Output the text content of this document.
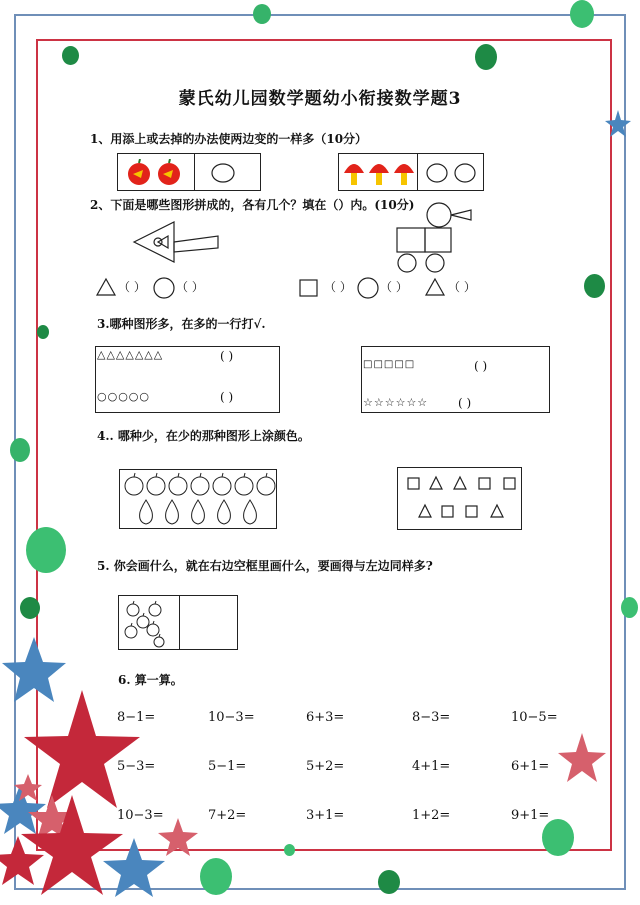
蒙氏幼儿园数学题幼小衔接数学题3
1、用添上或去掉的办法使两边变的一样多（10分）
2、下面是哪些图形拼成的，各有几个？填在（）内。(10分)
（ ）	（ ）	（ ） （ ）	（ ）
3.哪种图形多，在多的一行打√.
△△△△△△△	( )
○○○○○	( )
□□□□□	( )
☆☆☆☆☆☆ ( )
4.. 哪种少，在少的那种图形上涂颜色。
5. 你会画什么，就在右边空框里画什么，要画得与左边同样多?
6. 算一算。
8−1=	10−3=	6+3=	8−3=	10−5=
5−3=	5−1=	5+2=	4+1=	6+1=
10−3=	7+2=	3+1=	1+2=	9+1=
